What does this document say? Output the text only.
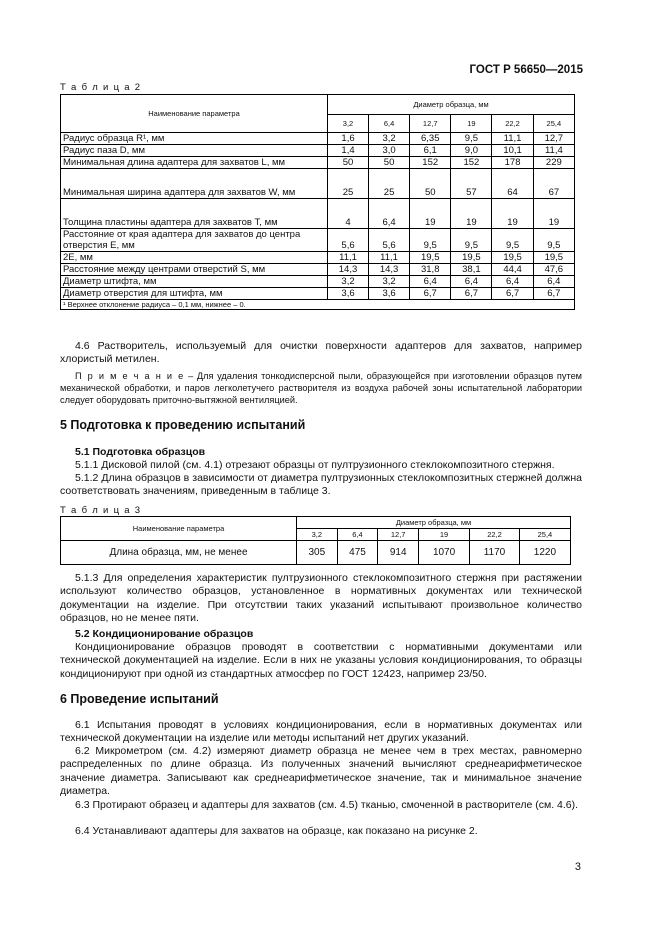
ГОСТ Р 56650—2015
Т а б л и ц а 2
Наименование параметра	Диаметр образца, мм					
	3,2	6,4	12,7	19	22,2	25,4
Радиус образца R¹, мм	1,6	3,2	6,35	9,5	11,1	12,7
Радиус паза D, мм	1,4	3,0	6,1	9,0	10,1	11,4
Минимальная длина адаптера для захватов L, мм	50	50	152	152	178	229
Минимальная ширина адаптера для захватов W, мм	25	25	50	57	64	67
Толщина пластины адаптера для захватов T, мм	4	6,4	19	19	19	19
Расстояние от края адаптера для захватов до центра отверстия E, мм	5,6	5,6	9,5	9,5	9,5	9,5
2E, мм	11,1	11,1	19,5	19,5	19,5	19,5
Расстояние между центрами отверстий S, мм	14,3	14,3	31,8	38,1	44,4	47,6
Диаметр штифта, мм	3,2	3,2	6,4	6,4	6,4	6,4
Диаметр отверстия для штифта, мм	3,6	3,6	6,7	6,7	6,7	6,7
¹ Верхнее отклонение радиуса – 0,1 мм, нижнее – 0.						
4.6 Растворитель, используемый для очистки поверхности адаптеров для захватов, например хлористый метилен.
П р и м е ч а н и е – Для удаления тонкодисперсной пыли, образующейся при изготовлении образцов путем механической обработки, и паров легколетучего растворителя из воздуха рабочей зоны испытательной лаборатории следует оборудовать приточно-вытяжной вентиляцией.
5 Подготовка к проведению испытаний
5.1 Подготовка образцов
5.1.1 Дисковой пилой (см. 4.1) отрезают образцы от пултрузионного стеклокомпозитного стержня.
5.1.2 Длина образцов в зависимости от диаметра пултрузионных стеклокомпозитных стержней должна соответствовать значениям, приведенным в таблице 3.
Т а б л и ц а 3
Наименование параметра	Диаметр образца, мм					
	3,2	6,4	12,7	19	22,2	25,4
Длина образца, мм, не менее	305	475	914	1070	1170	1220
5.1.3 Для определения характеристик пултрузионного стеклокомпозитного стержня при растяжении используют количество образцов, установленное в нормативных документах или технической документации на изделие. При отсутствии таких указаний испытывают произвольное количество образцов, но не менее пяти.
5.2 Кондиционирование образцов
Кондиционирование образцов проводят в соответствии с нормативными документами или технической документацией на изделие. Если в них не указаны условия кондиционирования, то образцы кондиционируют при одной из стандартных атмосфер по ГОСТ 12423, например 23/50.
6 Проведение испытаний
6.1 Испытания проводят в условиях кондиционирования, если в нормативных документах или технической документации на изделие или методы испытаний нет других указаний.
6.2 Микрометром (см. 4.2) измеряют диаметр образца не менее чем в трех местах, равномерно распределенных по длине образца. Из полученных значений вычисляют среднеарифметическое значение диаметра. Записывают как среднеарифметическое значение, так и минимальное значение диаметра.
6.3 Протирают образец и адаптеры для захватов (см. 4.5) тканью, смоченной в растворителе (см. 4.6).
6.4 Устанавливают адаптеры для захватов на образце, как показано на рисунке 2.
3
